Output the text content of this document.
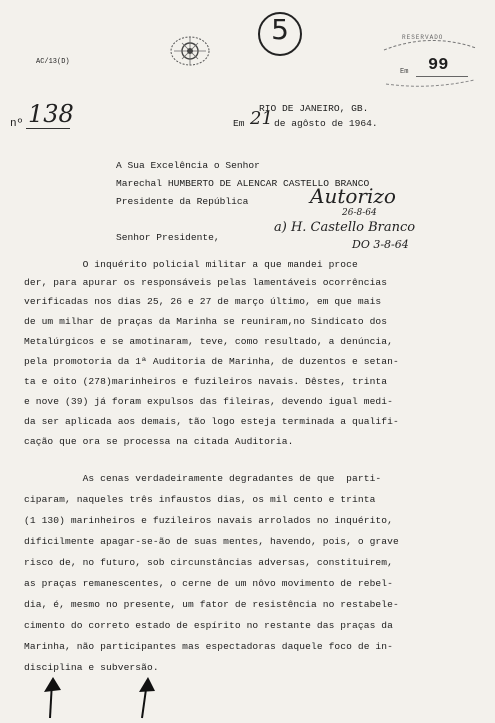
5	RESERVADO
Em 99
AC/13(D)
nº 138	RIO DE JANEIRO, GB.
Em 21 de agôsto de 1964.
A Sua Excelência o Senhor
Marechal HUMBERTO DE ALENCAR CASTELLO BRANCO
Presidente da República
Senhor Presidente,
Autorizo
26-8-64
a) H. Castello Branco
DO 3-8-64
O inquérito policial militar a que mandei proce
der, para apurar os responsáveis pelas lamentáveis ocorrências
verificadas nos dias 25, 26 e 27 de março último, em que mais
de um milhar de praças da Marinha se reuniram,no Sindicato dos
Metalúrgicos e se amotinaram, teve, como resultado, a denúncia,
pela promotoria da 1ª Auditoria de Marinha, de duzentos e setan-
ta e oito (278)marinheiros e fuzileiros navais. Dêstes, trinta
e nove (39) já foram expulsos das fileiras, devendo igual medi-
da ser aplicada aos demais, tão logo esteja terminada a qualifi-
cação que ora se processa na citada Auditoria.
As cenas verdadeiramente degradantes de que  parti-
ciparam, naqueles três infaustos dias, os mil cento e trinta
(1 130) marinheiros e fuzileiros navais arrolados no inquérito,
dificilmente apagar-se-ão de suas mentes, havendo, pois, o grave
risco de, no futuro, sob circunstâncias adversas, constituirem,
as praças remanescentes, o cerne de um nôvo movimento de rebel-
dia, é, mesmo no presente, um fator de resistência no restabele-
cimento do correto estado de espírito no restante das praças da
Marinha, não participantes mas espectadoras daquele foco de in-
disciplina e subversão.
